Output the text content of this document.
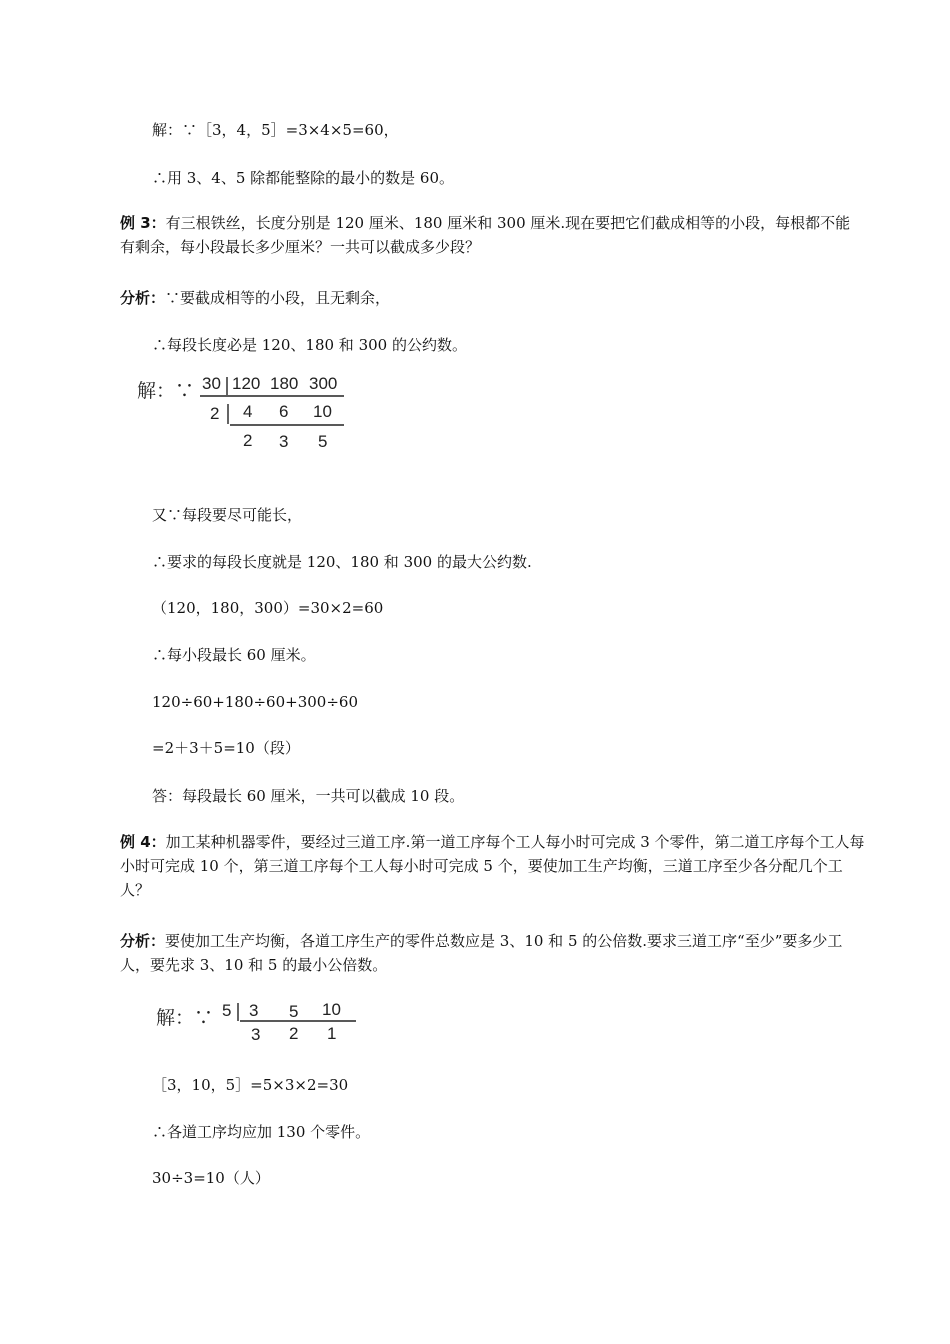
解：∵［3，4，5］=3×4×5=60，
∴用 3、4、5 除都能整除的最小的数是 60。
例 3：有三根铁丝，长度分别是 120 厘米、180 厘米和 300 厘米.现在要把它们截成相等的小段，每根都不能有剩余，每小段最长多少厘米？一共可以截成多少段？
分析：∵要截成相等的小段，且无剩余，
∴每段长度必是 120、180 和 300 的公约数。
解：∵ 30 120 180 300
2 4 6 10
2 3 5
又∵每段要尽可能长，
∴要求的每段长度就是 120、180 和 300 的最大公约数.
（120，180，300）=30×2=60
∴每小段最长 60 厘米。
120÷60+180÷60+300÷60
=2＋3＋5=10（段）
答：每段最长 60 厘米，一共可以截成 10 段。
例 4：加工某种机器零件，要经过三道工序.第一道工序每个工人每小时可完成 3 个零件，第二道工序每个工人每小时可完成 10 个，第三道工序每个工人每小时可完成 5 个，要使加工生产均衡，三道工序至少各分配几个工人？
分析：要使加工生产均衡，各道工序生产的零件总数应是 3、10 和 5 的公倍数.要求三道工序“至少”要多少工人，要先求 3、10 和 5 的最小公倍数。
解：∵ 5 3 5 10
3 2 1
［3，10，5］=5×3×2=30
∴各道工序均应加 130 个零件。
30÷3=10（人）
